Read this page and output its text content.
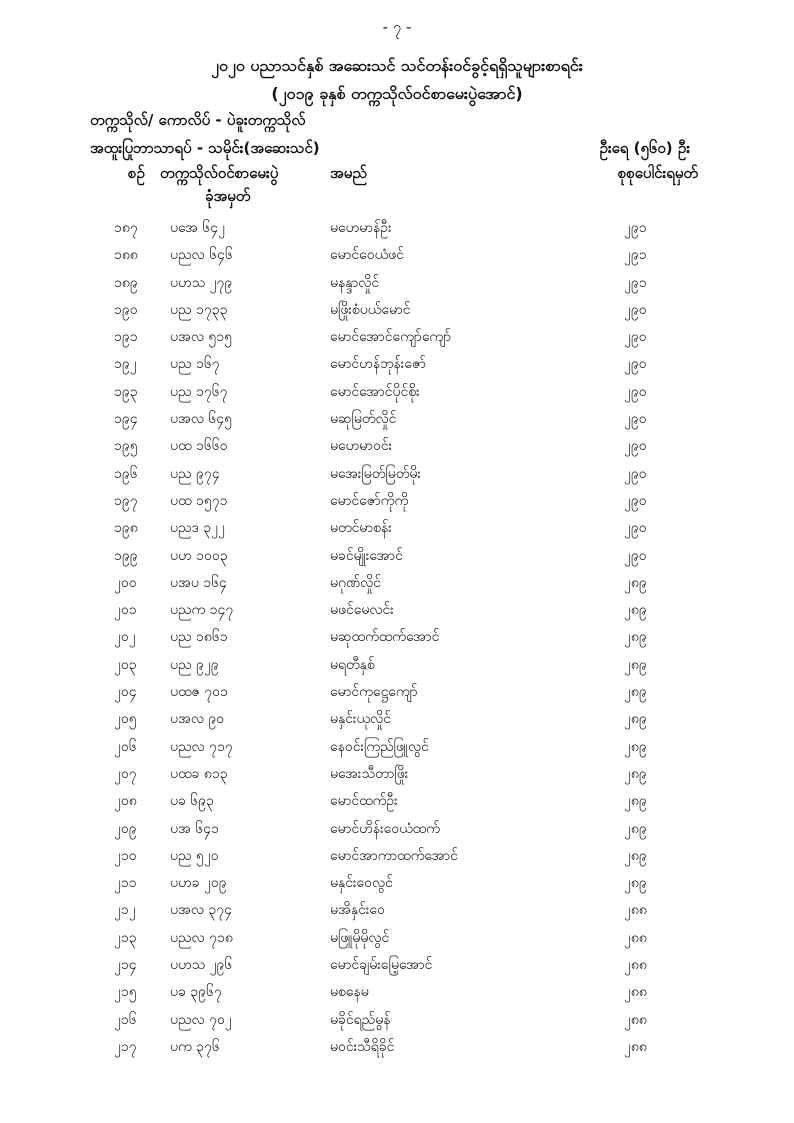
- ၇ -
၂၀၂၀ ပညာသင်နှစ် အဆေးသင် သင်တန်းဝင်ခွင့်ရရှိသူများစာရင်း
(၂၀၁၉ ခုနှစ် တက္ကသိုလ်ဝင်စာမေးပွဲအောင်)
တက္ကသိုလ်/ ကောလိပ် - ပဲခူးတက္ကသိုလ်
အထူးပြုဘာသာရပ် - သမိုင်း(အဆေးသင်)	ဦးရေ (၅၆၀) ဦး
စဉ် တက္ကသိုလ်ဝင်စာမေးပွဲ
ခုံအမှတ်
အမည်	စုစုပေါင်းရမှတ်
၁၈၇ ပအေ ၆၄၂	မဟေမာန်ဦး	၂၉၁
၁၈၈ ပညလ ၆၄၆	မောင်ဝေယံဖင်	၂၉၁
၁၈၉ ပဟသ ၂၇၉	မနန္ဒာလှိုင်	၂၉၁
၁၉၀ ပည ၁၇၃၃	မဖြိုးစံပယ်မောင်	၂၉၀
၁၉၁ ပအလ ၅၁၅	မောင်အောင်ကျော်ကျော်	၂၉၀
၁၉၂ ပည ၁၆၇	မောင်ဟန်ဘုန်းဇော်	၂၉၀
၁၉၃ ပည ၁၇၆၇	မောင်အောင်ပိုင်စိုး	၂၉၀
၁၉၄ ပအလ ၆၄၅	မဆုမြတ်လှိုင်	၂၉၀
၁၉၅ ပထ ၁၆၆၀	မဟေမာဝင်း	၂၉၀
၁၉၆ ပည ၉၇၄	မအေးမြတ်မြတ်မိုး	၂၉၀
၁၉၇ ပထ ၁၅၇၁	မောင်ဇော်ကိုကို	၂၉၀
၁၉၈ ပညဒ ၃၂၂	မတင်မာစန်း	၂၉၀
၁၉၉ ပဟ ၁၀၀၃	မခင်မျိုးအောင်	၂၉၀
၂၀၀ ပအပ ၁၆၄	မဂုဏ်လှိုင်	၂၈၉
၂၀၁ ပညက ၁၄၇	မဖင်မေလင်း	၂၈၉
၂၀၂ ပည ၁၈၆၁	မဆုထက်ထက်အောင်	၂၈၉
၂၀၃ ပည ၉၂၉	မရတီနှစ်	၂၈၉
၂၀၄ ပထ‌ဇ ၇၀၁	မောင်ကုဋ္ဌေကျော်	၂၈၉
၂၀၅ ပအလ ၉၀	မနှင်းယုလှိုင်	၂၈၉
၂၀၆ ပညလ ၇၁၇	နေဝင်းကြည်ဖြူလွင်	၂၈၉
၂၀၇ ပထခ ၈၁၃	မအေးသီတာဖြိုး	၂၈၉
၂၀၈ ပခ ၆၉၃	မောင်ထက်ဦး	၂၈၉
၂၀၉ ပအ ၆၄၁	မောင်ဟိန်းဝေယံထက်	၂၈၉
၂၁၀ ပည ၅၂၀	မောင်အာကာထက်အောင်	၂၈၉
၂၁၁ ပဟခ ၂၀၉	မနှင်းဝေလွင်	၂၈၉
၂၁၂ ပအလ ၃၇၄	မအိနှင်းဝေ	၂၈၈
၂၁၃ ပညလ ၇၁၈	မဖြူမိုမိုလွင်	၂၈၈
၂၁၄ ပဟသ ၂၉၆	မောင်ချမ်းမြေ့အောင်	၂၈၈
၂၁၅ ပခ ၃၉၆၇	မစနေမ	၂၈၈
၂၁၆ ပညလ ၇၀၂	မခိုင်ရည်မွန်	၂၈၈
၂၁၇ ပက ၃၇၆	မဝင်းသီရိခိုင်	၂၈၈
